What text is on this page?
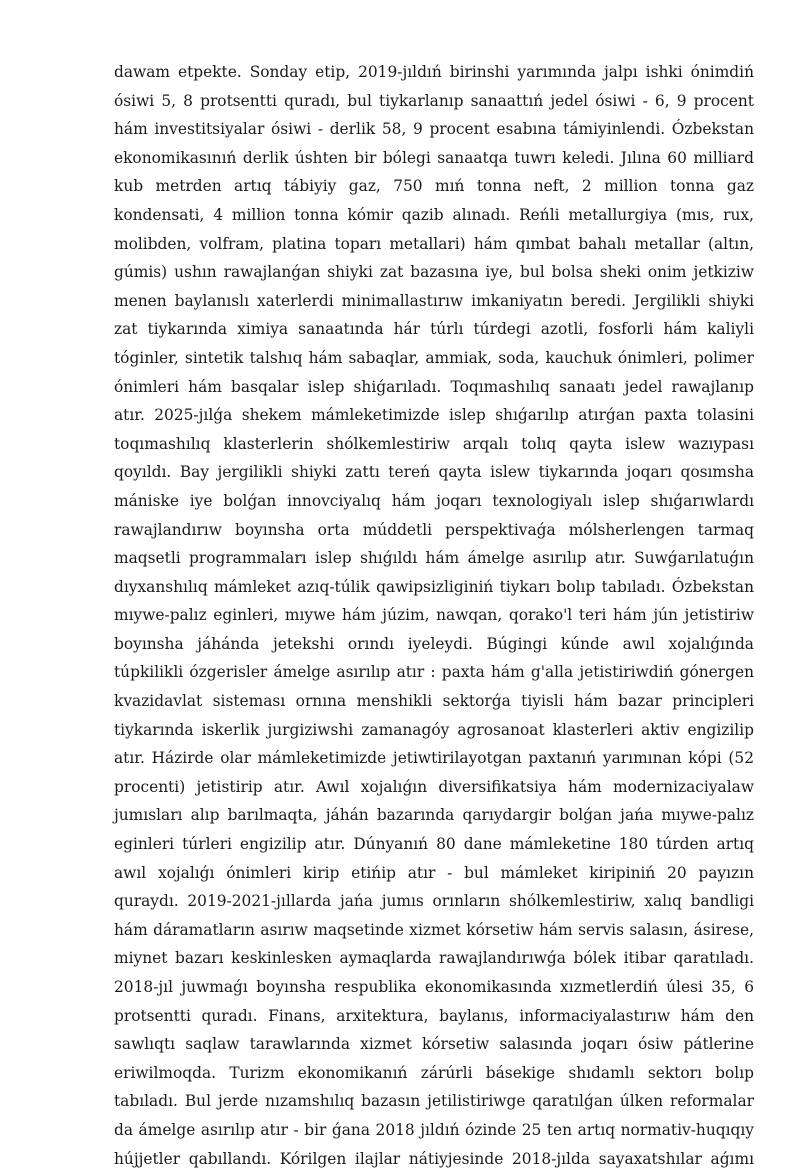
dawam etpekte. Sonday etip, 2019-jıldıń birinshi yarımında jalpı ishki ónimdiń
ósiwi 5, 8 protsentti quradı, bul tiykarlanıp sanaattıń jedel ósiwi - 6, 9 procent
hám investitsiyalar ósiwi - derlik 58, 9 procent esabına támiyinlendi. Ózbekstan
ekonomikasınıń derlik úshten bir bólegi sanaatqa tuwrı keledi. Jılına 60 milliard
kub metrden artıq tábiyiy gaz, 750 mıń tonna neft, 2 million tonna gaz
kondensati, 4 million tonna kómir qazib alınadı. Reńli metallurgiya (mıs, rux,
molibden, volfram, platina toparı metallari) hám qımbat bahalı metallar (altın,
gúmis) ushın rawajlanǵan shiyki zat bazasına iye, bul bolsa sheki onim jetkiziw
menen baylanıslı xaterlerdi minimallastırıw imkaniyatın beredi. Jergilikli shiyki
zat tiykarında ximiya sanaatında hár túrlı túrdegi azotli, fosforli hám kaliyli
tóginler, sintetik talshıq hám sabaqlar, ammiak, soda, kauchuk ónimleri, polimer
ónimleri hám basqalar islep shiǵarıladı. Toqımashılıq sanaatı jedel rawajlanıp
atır. 2025-jılǵa shekem mámleketimizde islep shıǵarılıp atırǵan paxta tolasini
toqımashılıq klasterlerin shólkemlestiriw arqalı tolıq qayta islew wazıypası
qoyıldı. Bay jergilikli shiyki zattı tereń qayta islew tiykarında joqarı qosımsha
mániske iye bolǵan innovciyalıq hám joqarı texnologiyalı islep shıǵarıwlardı
rawajlandırıw boyınsha orta múddetli perspektivaǵa mólsherlengen tarmaq
maqsetli programmaları islep shıǵıldı hám ámelge asırılıp atır. Suwǵarılatuǵın
dıyxanshılıq mámleket azıq-túlik qawipsizliginiń tiykarı bolıp tabıladı. Ózbekstan
mıywe-palız eginleri, mıywe hám júzim, nawqan, qorako'l teri hám jún jetistiriw
boyınsha jáhánda jetekshi orındı iyeleydi. Búgingi kúnde awıl xojalıǵında
túpkilikli ózgerisler ámelge asırılıp atır : paxta hám g'alla jetistiriwdiń gónergen
kvazidavlat sisteması ornına menshikli sektorǵa tiyisli hám bazar principleri
tiykarında iskerlik jurgiziwshi zamanagóy agrosanoat klasterleri aktiv engizilip
atır. Házirde olar mámleketimizde jetiwtirilayotgan paxtanıń yarımınan kópi (52
procenti) jetistirip atır. Awıl xojalıǵın diversifikatsiya hám modernizaciyalaw
jumısları alıp barılmaqta, jáhán bazarında qarıydargir bolǵan jańa mıywe-palız
eginleri túrleri engizilip atır. Dúnyanıń 80 dane mámleketine 180 túrden artıq
awıl xojalıǵı ónimleri kirip etińip atır - bul mámleket kiripiniń 20 payızın
quraydı. 2019-2021-jıllarda jańa jumıs orınların shólkemlestiriw, xalıq bandligi
hám dáramatların asırıw maqsetinde xizmet kórsetiw hám servis salasın, ásirese,
miynet bazarı keskinlesken aymaqlarda rawajlandırıwǵa bólek itibar qaratıladı.
2018-jıl juwmaǵı boyınsha respublika ekonomikasında xızmetlerdiń úlesi 35, 6
protsentti quradı. Finans, arxitektura, baylanıs, informaciyalastırıw hám den
sawlıqtı saqlaw tarawlarında xizmet kórsetiw salasında joqarı ósiw pátlerine
eriwilmoqda. Turizm ekonomikanıń zárúrli básekige shıdamlı sektorı bolıp
tabıladı. Bul jerde nızamshılıq bazasın jetilistiriwge qaratılǵan úlken reformalar
da ámelge asırılıp atır - bir ǵana 2018 jıldıń ózinde 25 ten artıq normativ-huqıqıy
hújjetler qabıllandı. Kórilgen ilajlar nátiyjesinde 2018-jılda sayaxatshılar aǵımı
